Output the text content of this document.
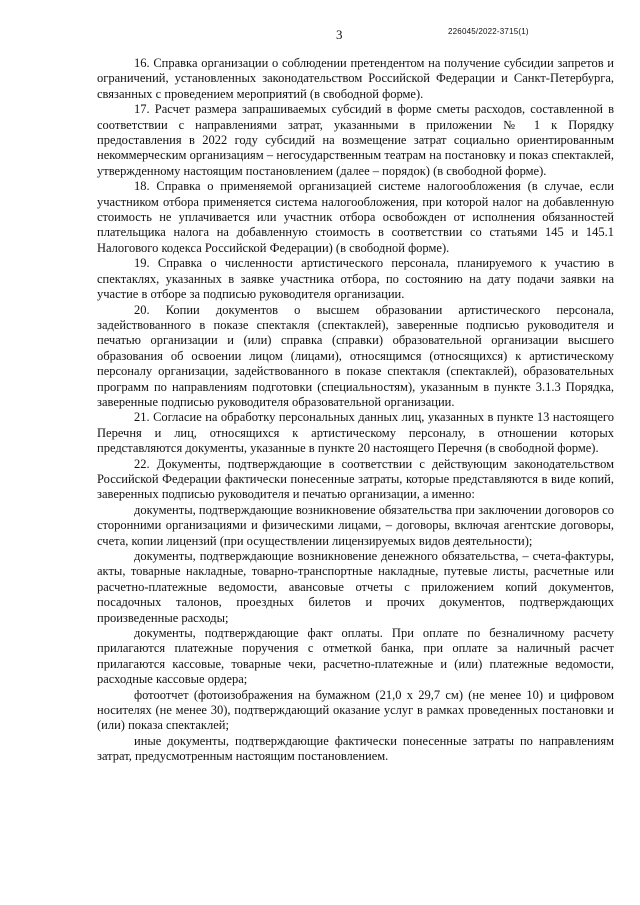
3	226045/2022-3715(1)

16. Справка организации о соблюдении претендентом на получение субсидии запретов и ограничений, установленных законодательством Российской Федерации и Санкт-Петербурга, связанных с проведением мероприятий (в свободной форме).

17. Расчет размера запрашиваемых субсидий в форме сметы расходов, составленной в соответствии с направлениями затрат, указанными в приложении № 1 к Порядку предоставления в 2022 году субсидий на возмещение затрат социально ориентированным некоммерческим организациям – негосударственным театрам на постановку и показ спектаклей, утвержденному настоящим постановлением (далее – порядок) (в свободной форме).

18. Справка о применяемой организацией системе налогообложения (в случае, если участником отбора применяется система налогообложения, при которой налог на добавленную стоимость не уплачивается или участник отбора освобожден от исполнения обязанностей плательщика налога на добавленную стоимость в соответствии со статьями 145 и 145.1 Налогового кодекса Российской Федерации) (в свободной форме).

19. Справка о численности артистического персонала, планируемого к участию в спектаклях, указанных в заявке участника отбора, по состоянию на дату подачи заявки на участие в отборе за подписью руководителя организации.

20. Копии документов о высшем образовании артистического персонала, задействованного в показе спектакля (спектаклей), заверенные подписью руководителя и печатью организации и (или) справка (справки) образовательной организации высшего образования об освоении лицом (лицами), относящимся (относящихся) к артистическому персоналу организации, задействованного в показе спектакля (спектаклей), образовательных программ по направлениям подготовки (специальностям), указанным в пункте 3.1.3 Порядка, заверенные подписью руководителя образовательной организации.

21. Согласие на обработку персональных данных лиц, указанных в пункте 13 настоящего Перечня и лиц, относящихся к артистическому персоналу, в отношении которых представляются документы, указанные в пункте 20 настоящего Перечня (в свободной форме).

22. Документы, подтверждающие в соответствии с действующим законодательством Российской Федерации фактически понесенные затраты, которые представляются в виде копий, заверенных подписью руководителя и печатью организации, а именно:

документы, подтверждающие возникновение обязательства при заключении договоров со сторонними организациями и физическими лицами, – договоры, включая агентские договоры, счета, копии лицензий (при осуществлении лицензируемых видов деятельности);

документы, подтверждающие возникновение денежного обязательства, – счета-фактуры, акты, товарные накладные, товарно-транспортные накладные, путевые листы, расчетные или расчетно-платежные ведомости, авансовые отчеты с приложением копий документов, посадочных талонов, проездных билетов и прочих документов, подтверждающих произведенные расходы;

документы, подтверждающие факт оплаты. При оплате по безналичному расчету прилагаются платежные поручения с отметкой банка, при оплате за наличный расчет прилагаются кассовые, товарные чеки, расчетно-платежные и (или) платежные ведомости, расходные кассовые ордера;

фотоотчет (фотоизображения на бумажном (21,0 х 29,7 см) (не менее 10) и цифровом носителях (не менее 30), подтверждающий оказание услуг в рамках проведенных постановки и (или) показа спектаклей;

иные документы, подтверждающие фактически понесенные затраты по направлениям затрат, предусмотренным настоящим постановлением.
